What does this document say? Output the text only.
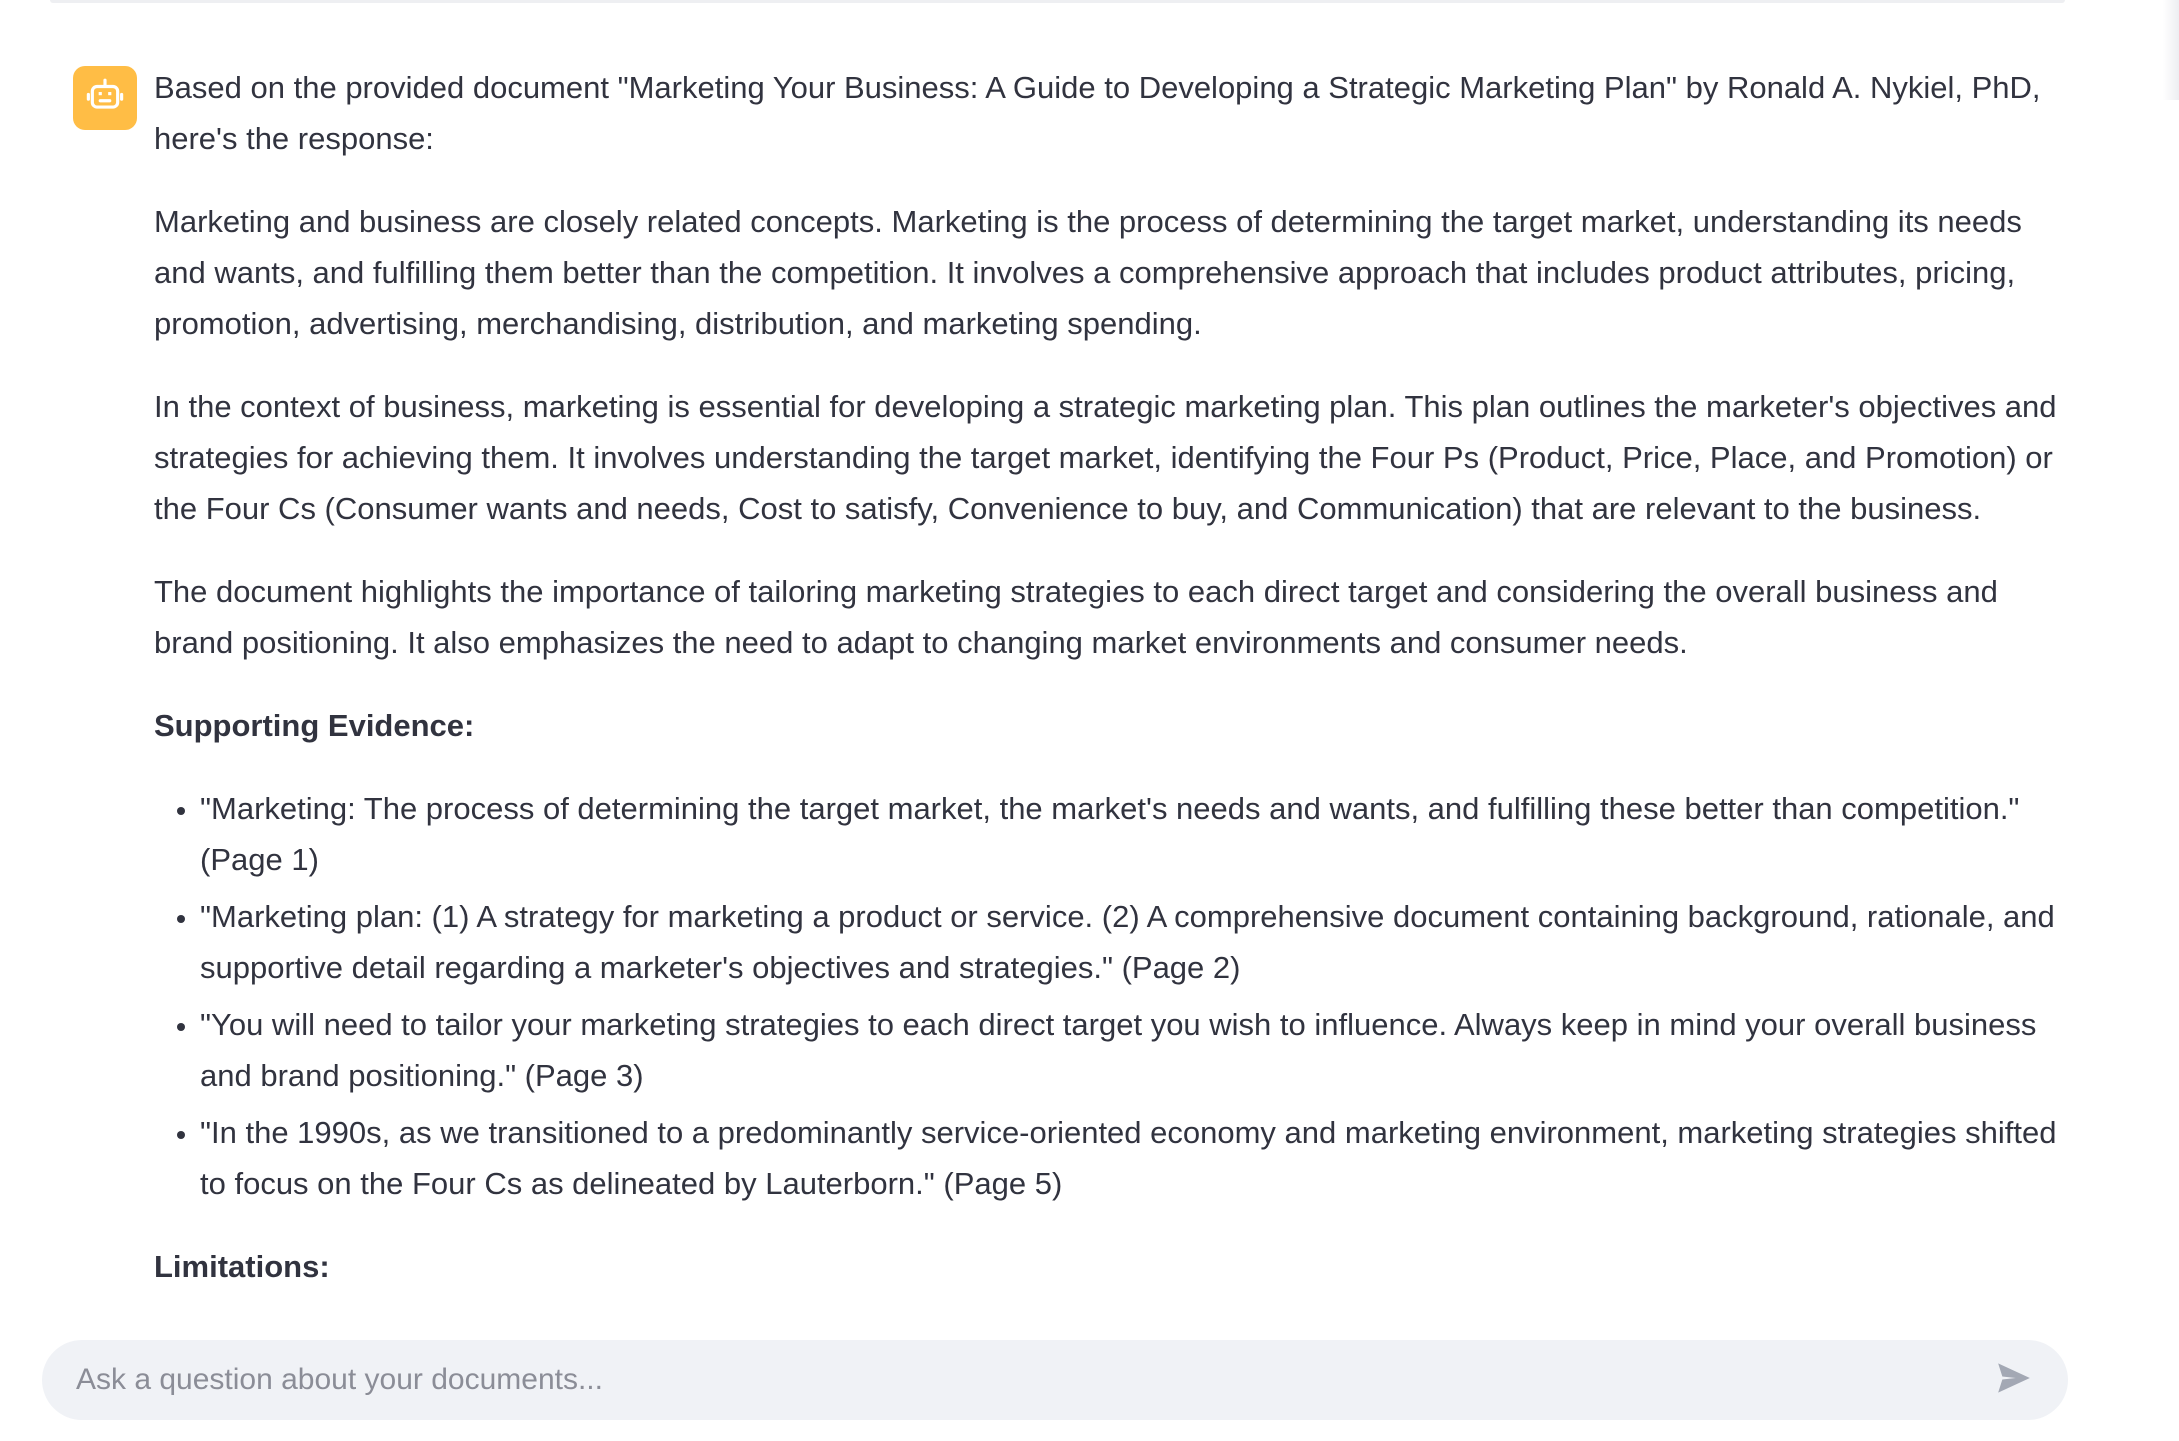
Based on the provided document "Marketing Your Business: A Guide to Developing a Strategic Marketing Plan" by Ronald A. Nykiel, PhD, here's the response:

Marketing and business are closely related concepts. Marketing is the process of determining the target market, understanding its needs and wants, and fulfilling them better than the competition. It involves a comprehensive approach that includes product attributes, pricing, promotion, advertising, merchandising, distribution, and marketing spending.

In the context of business, marketing is essential for developing a strategic marketing plan. This plan outlines the marketer's objectives and strategies for achieving them. It involves understanding the target market, identifying the Four Ps (Product, Price, Place, and Promotion) or the Four Cs (Consumer wants and needs, Cost to satisfy, Convenience to buy, and Communication) that are relevant to the business.

The document highlights the importance of tailoring marketing strategies to each direct target and considering the overall business and brand positioning. It also emphasizes the need to adapt to changing market environments and consumer needs.

Supporting Evidence:
• "Marketing: The process of determining the target market, the market's needs and wants, and fulfilling these better than competition." (Page 1)
• "Marketing plan: (1) A strategy for marketing a product or service. (2) A comprehensive document containing background, rationale, and supportive detail regarding a marketer's objectives and strategies." (Page 2)
• "You will need to tailor your marketing strategies to each direct target you wish to influence. Always keep in mind your overall business and brand positioning." (Page 3)
• "In the 1990s, as we transitioned to a predominantly service-oriented economy and marketing environment, marketing strategies shifted to focus on the Four Cs as delineated by Lauterborn." (Page 5)
Limitations:
Ask a question about your documents...
